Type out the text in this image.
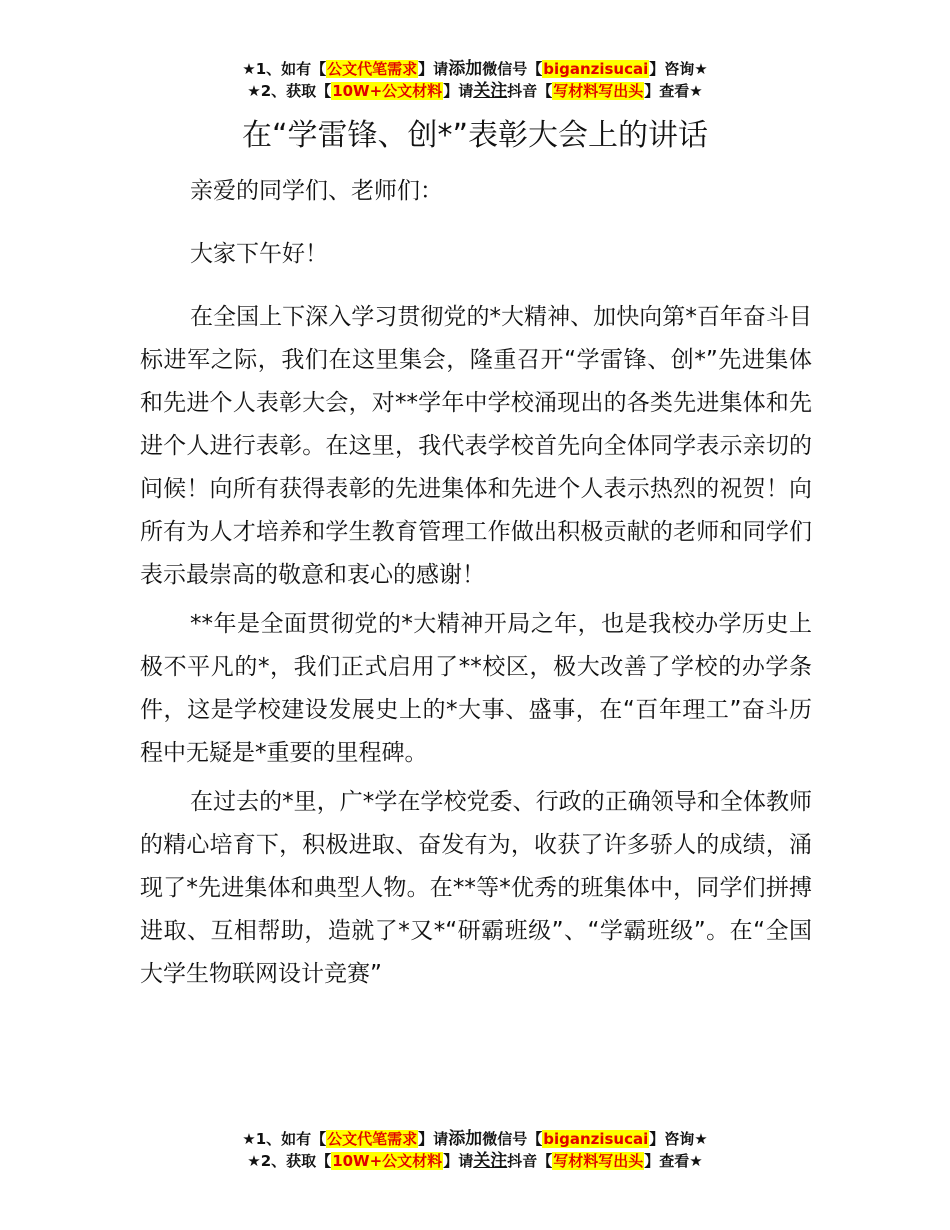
★1、如有【公文代笔需求】请添加微信号【biganzisucai】咨询★
★2、获取【10W+公文材料】请关注抖音【写材料写出头】查看★
在“学雷锋、创*”表彰大会上的讲话

亲爱的同学们、老师们：

大家下午好！

在全国上下深入学习贯彻党的*大精神、加快向第*百年奋斗目标进军之际，我们在这里集会，隆重召开“学雷锋、创*”先进集体和先进个人表彰大会，对**学年中学校涌现出的各类先进集体和先进个人进行表彰。在这里，我代表学校首先向全体同学表示亲切的问候！向所有获得表彰的先进集体和先进个人表示热烈的祝贺！向所有为人才培养和学生教育管理工作做出积极贡献的老师和同学们表示最崇高的敬意和衷心的感谢！

**年是全面贯彻党的*大精神开局之年，也是我校办学历史上极不平凡的*，我们正式启用了**校区，极大改善了学校的办学条件，这是学校建设发展史上的*大事、盛事，在“百年理工”奋斗历程中无疑是*重要的里程碑。

在过去的*里，广*学在学校党委、行政的正确领导和全体教师的精心培育下，积极进取、奋发有为，收获了许多骄人的成绩，涌现了*先进集体和典型人物。在**等*优秀的班集体中，同学们拼搏进取、互相帮助，造就了*又*“研霸班级”、“学霸班级”。在“全国大学生物联网设计竞赛”

★1、如有【公文代笔需求】请添加微信号【biganzisucai】咨询★
★2、获取【10W+公文材料】请关注抖音【写材料写出头】查看★
